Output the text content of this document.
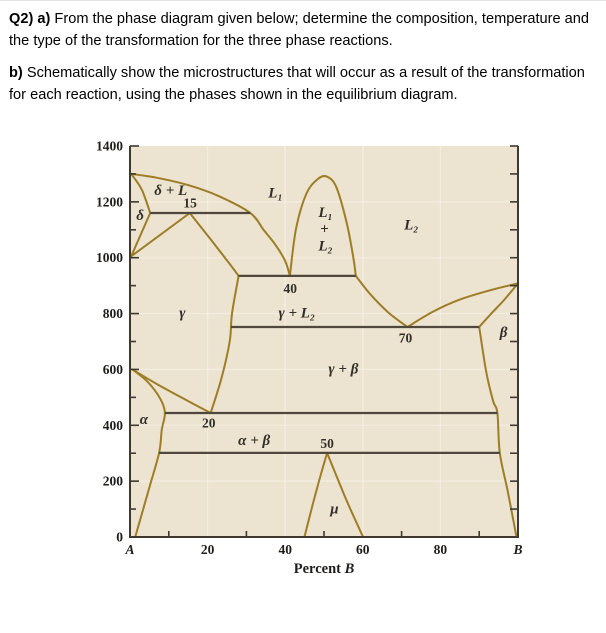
Q2) a) From the phase diagram given below; determine the composition, temperature and the type of the transformation for the three phase reactions.

b) Schematically show the microstructures that will occur as a result of the transformation for each reaction, using the phases shown in the equilibrium diagram.

0
200
400
600
800
1000
1200
1400
A	20	40	60	80	B
Percent B
δ + L
δ
15
L₁
L₁
+
L₂
L₂
40
γ	γ + L₂
70	β
γ + β
α	20
α + β	50
μ
